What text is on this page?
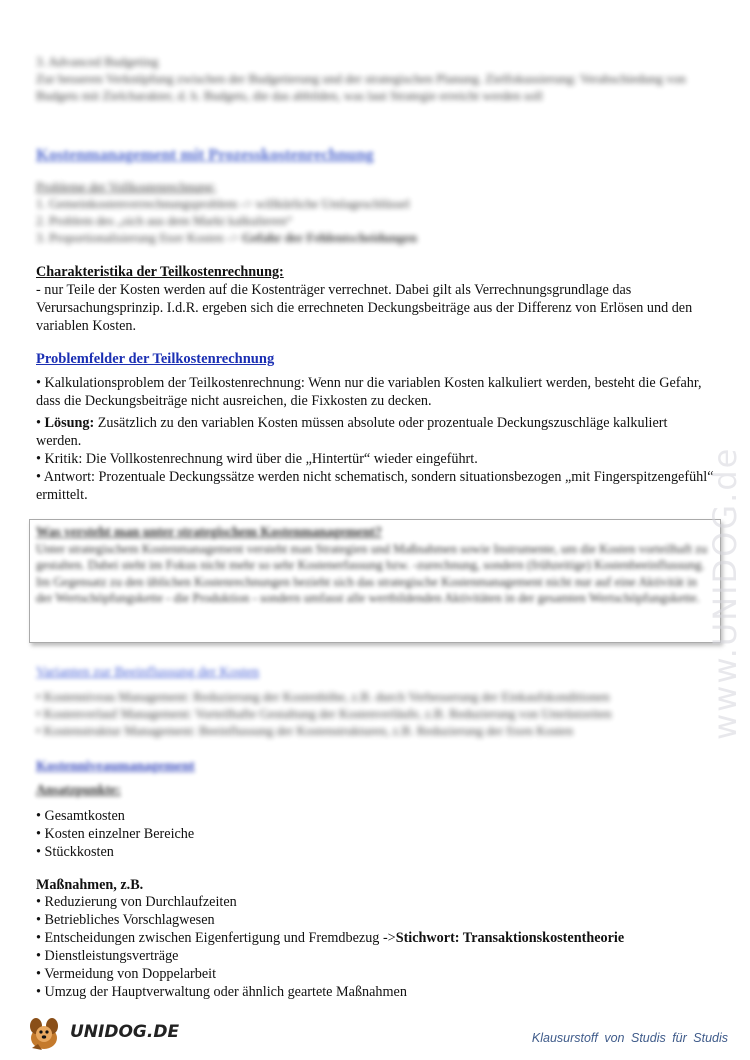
3. Advanced Budgeting
Zur besseren Verknüpfung zwischen der Budgetierung und der strategischen Planung. Zielfokussierung: Verabschiedung von Budgets mit Zielcharakter, d. h. Budgets, die das abbilden, was laut Strategie erreicht werden soll
Kostenmanagement mit Prozesskostenrechnung
Probleme der Vollkostenrechnung:
1. Gemeinkostenverrechnungsproblem -> willkürliche Umlageschlüssel
2. Problem des „sich aus dem Markt kalkulieren“
3. Proportionalisierung fixer Kosten -> Gefahr der Fehlentscheidungen
Charakteristika der Teilkostenrechnung:
- nur Teile der Kosten werden auf die Kostenträger verrechnet. Dabei gilt als Verrechnungsgrundlage das Verursachungsprinzip. I.d.R. ergeben sich die errechneten Deckungsbeiträge aus der Differenz von Erlösen und den variablen Kosten.
Problemfelder der Teilkostenrechnung
• Kalkulationsproblem der Teilkostenrechnung: Wenn nur die variablen Kosten kalkuliert werden, besteht die Gefahr, dass die Deckungsbeiträge nicht ausreichen, die Fixkosten zu decken.
• Lösung: Zusätzlich zu den variablen Kosten müssen absolute oder prozentuale Deckungszuschläge kalkuliert werden.
• Kritik: Die Vollkostenrechnung wird über die „Hintertür“ wieder eingeführt.
• Antwort: Prozentuale Deckungssätze werden nicht schematisch, sondern situationsbezogen „mit Fingerspitzengefühl“ ermittelt.
Was versteht man unter strategischem Kostenmanagement?
Unter strategischem Kostenmanagement versteht man Strategien und Maßnahmen sowie Instrumente, um die Kosten vorteilhaft zu gestalten. Dabei steht im Fokus nicht mehr so sehr Kostenerfassung bzw. -zurechnung, sondern (frühzeitige) Kostenbeeinflussung.
Im Gegensatz zu den üblichen Kostenrechnungen bezieht sich das strategische Kostenmanagement nicht nur auf eine Aktivität in der Wertschöpfungskette - die Produktion - sondern umfasst alle wertbildenden Aktivitäten in der gesamten Wertschöpfungskette.
Varianten zur Beeinflussung der Kosten
• Kostenniveau Management: Reduzierung der Kostenhöhe, z.B. durch Verbesserung der Einkaufskonditionen
• Kostenverlauf Management: Vorteilhafte Gestaltung der Kostenverläufe, z.B. Reduzierung von Umrüstzeiten
• Kostenstruktur Management: Beeinflussung der Kostenstrukturen, z.B. Reduzierung der fixen Kosten
Kostenniveaumanagement
Ansatzpunkte:
• Gesamtkosten
• Kosten einzelner Bereiche
• Stückkosten
Maßnahmen, z.B.
• Reduzierung von Durchlaufzeiten
• Betriebliches Vorschlagwesen
• Entscheidungen zwischen Eigenfertigung und Fremdbezug ->Stichwort: Transaktionskostentheorie
• Dienstleistungsverträge
• Vermeidung von Doppelarbeit
• Umzug der Hauptverwaltung oder ähnlich geartete Maßnahmen
www.UNIDOG.de
UNIDOG.DE	Klausurstoff von Studis für Studis
